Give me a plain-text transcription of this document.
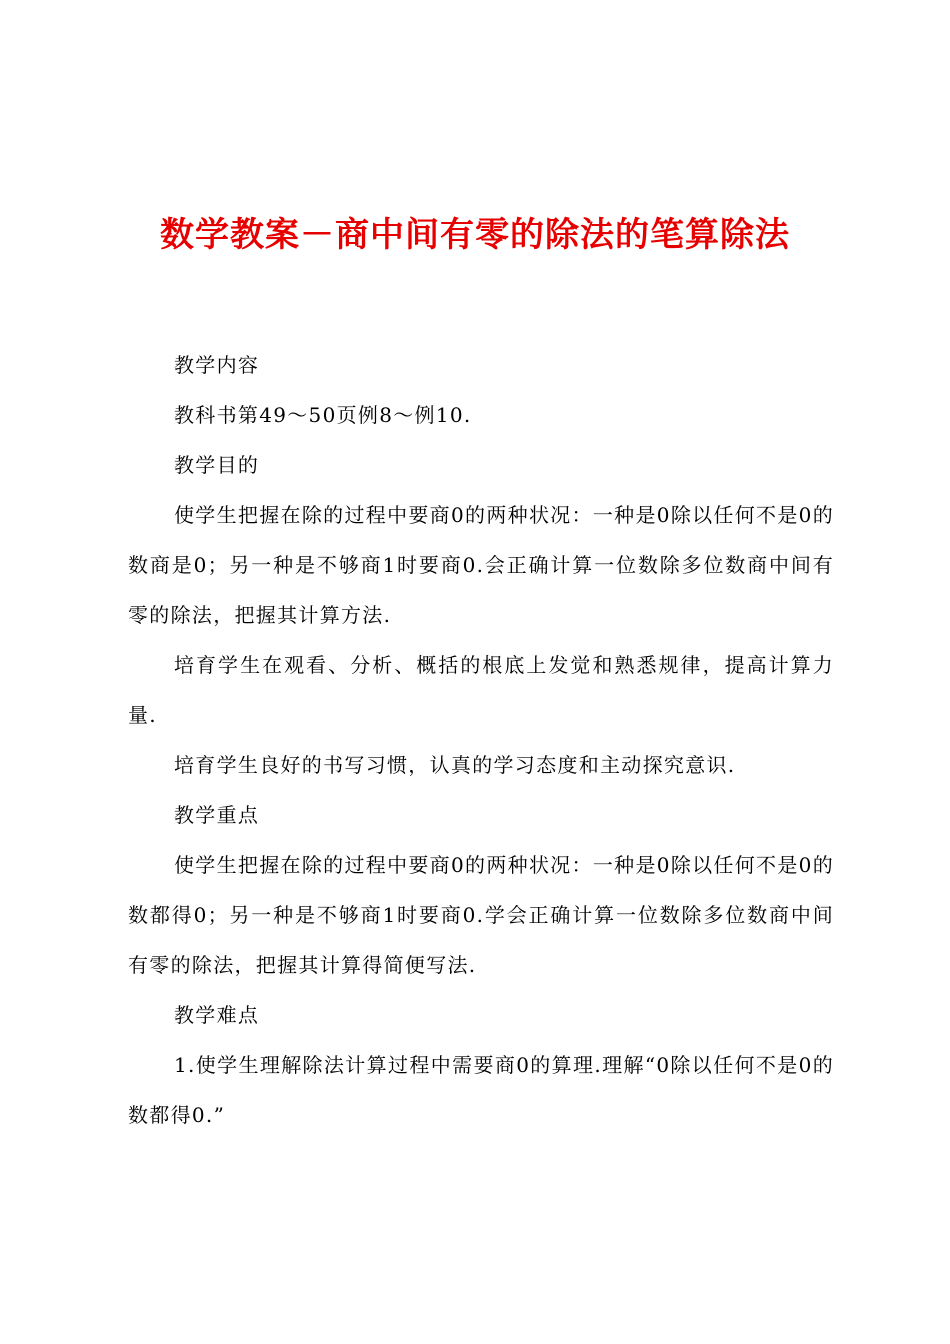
数学教案－商中间有零的除法的笔算除法

教学内容

教科书第49～50页例8～例10.

教学目的

使学生把握在除的过程中要商0的两种状况：一种是0除以任何不是0的数商是0；另一种是不够商1时要商0.会正确计算一位数除多位数商中间有零的除法，把握其计算方法.

培育学生在观看、分析、概括的根底上发觉和熟悉规律，提高计算力量.

培育学生良好的书写习惯，认真的学习态度和主动探究意识.

教学重点

使学生把握在除的过程中要商0的两种状况：一种是0除以任何不是0的数都得0；另一种是不够商1时要商0.学会正确计算一位数除多位数商中间有零的除法，把握其计算得简便写法.

教学难点

1.使学生理解除法计算过程中需要商0的算理.理解“0除以任何不是0的数都得0.”
